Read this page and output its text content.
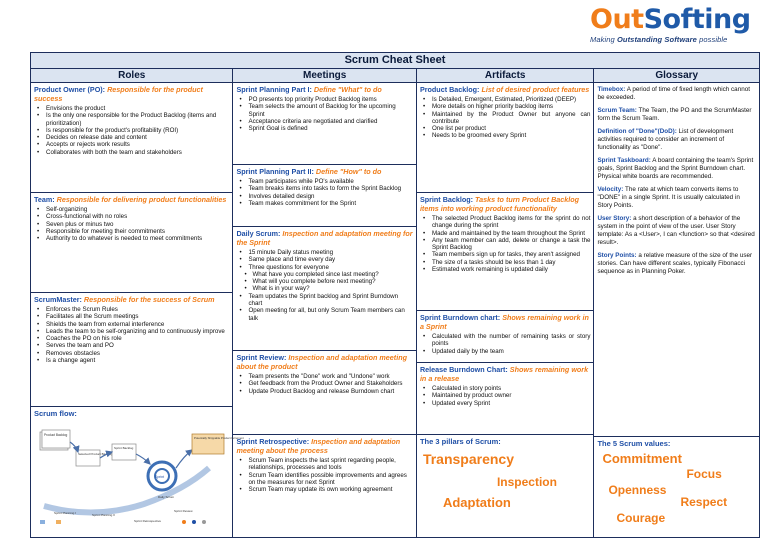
OutSofting
Making Outstanding Software possible
Scrum Cheat Sheet
Roles	Meetings	Artifacts	Glossary
Product Owner (PO): Responsible for the product success
• Envisions the product
• Is the only one responsible for the Product Backlog (items and prioritization)
• Is responsible for the product's profitability (ROI)
• Decides on release date and content
• Accepts or rejects work results
• Collaborates with both the team and stakeholders
Team: Responsible for delivering product functionalities
• Self-organizing
• Cross-functional with no roles
• Seven plus or minus two
• Responsible for meeting their commitments
• Authority to do whatever is needed to meet commitments
ScrumMaster: Responsible for the success of Scrum
• Enforces the Scrum Rules
• Facilitates all the Scrum meetings
• Shields the team from external interference
• Leads the team to be self-organizing and to continuously improve
• Coaches the PO on his role
• Serves the team and PO
• Removes obstacles
• Is a change agent
Scrum flow:
Product Backlog
Selected Product Backlog
Sprint Backlog
Sprint
Potentially Shippable Product Increment
Sprint Planning I	Sprint Planning II
Daily Scrum
Sprint Review
Sprint Retrospective
Sprint Planning Part I: Define "What" to do
• PO presents top priority Product Backlog items
• Team selects the amount of Backlog for the upcoming Sprint
• Acceptance criteria are negotiated and clarified
• Sprint Goal is defined
Sprint Planning Part II: Define "How" to do
• Team participates while PO's available
• Team breaks items into tasks to form the Sprint Backlog
• Involves detailed design
• Team makes commitment for the Sprint
Daily Scrum: Inspection and adaptation meeting for the Sprint
• 15 minute Daily status meeting
• Same place and time every day
• Three questions for everyone
• What have you completed since last meeting?
• What will you complete before next meeting?
• What is in your way?
• Team updates the Sprint backlog and Sprint Burndown chart
• Open meeting for all, but only Scrum Team members can talk
Sprint Review: Inspection and adaptation meeting about the product
• Team presents the "Done" work and "Undone" work
• Get feedback from the Product Owner and Stakeholders
• Update Product Backlog and release Burndown chart
Sprint Retrospective: Inspection and adaptation meeting about the process
• Scrum Team inspects the last sprint regarding people, relationships, processes and tools
• Scrum Team identifies possible improvements and agrees on the measures for next Sprint
• Scrum Team may update its own working agreement
Product Backlog: List of desired product features
• Is Detailed, Emergent, Estimated, Prioritized (DEEP)
• More details on higher priority backlog items
• Maintained by the Product Owner but anyone can contribute
• One list per product
• Needs to be groomed every Sprint
Sprint Backlog: Tasks to turn Product Backlog items into working product functionality
• The selected Product Backlog items for the sprint do not change during the sprint
• Made and maintained by the team throughout the Sprint
• Any team member can add, delete or change a task the Sprint Backlog
• Team members sign up for tasks, they aren't assigned
• The size of a tasks should be less than 1 day
• Estimated work remaining is updated daily
Sprint Burndown chart: Shows remaining work in a Sprint
• Calculated with the number of remaining tasks or story points
• Updated daily by the team
Release Burndown Chart: Shows remaining work in a release
• Calculated in story points
• Maintained by product owner
• Updated every Sprint
The 3 pillars of Scrum:
Transparency
Inspection
Adaptation
Timebox: A period of time of fixed length which cannot be exceeded.
Scrum Team: The Team, the PO and the ScrumMaster form the Scrum Team.
Definition of "Done"(DoD): List of development activities required to consider an increment of functionality as "Done".
Sprint Taskboard: A board containing the team's Sprint goals, Sprint Backlog and the Sprint Burndown chart. Physical white boards are recommended.
Velocity: The rate at which team converts items to "DONE" in a single Sprint. It is usually calculated in Story Points.
User Story: a short description of a behavior of the system in the point of view of the user. User Story template: As a <User>, I can <function> so that <desired result>.
Story Points: a relative measure of the size of the user stories. Can have different scales, typically Fibonacci sequence as in Planning Poker.
The 5 Scrum values:
Commitment
Focus
Openness
Respect
Courage
